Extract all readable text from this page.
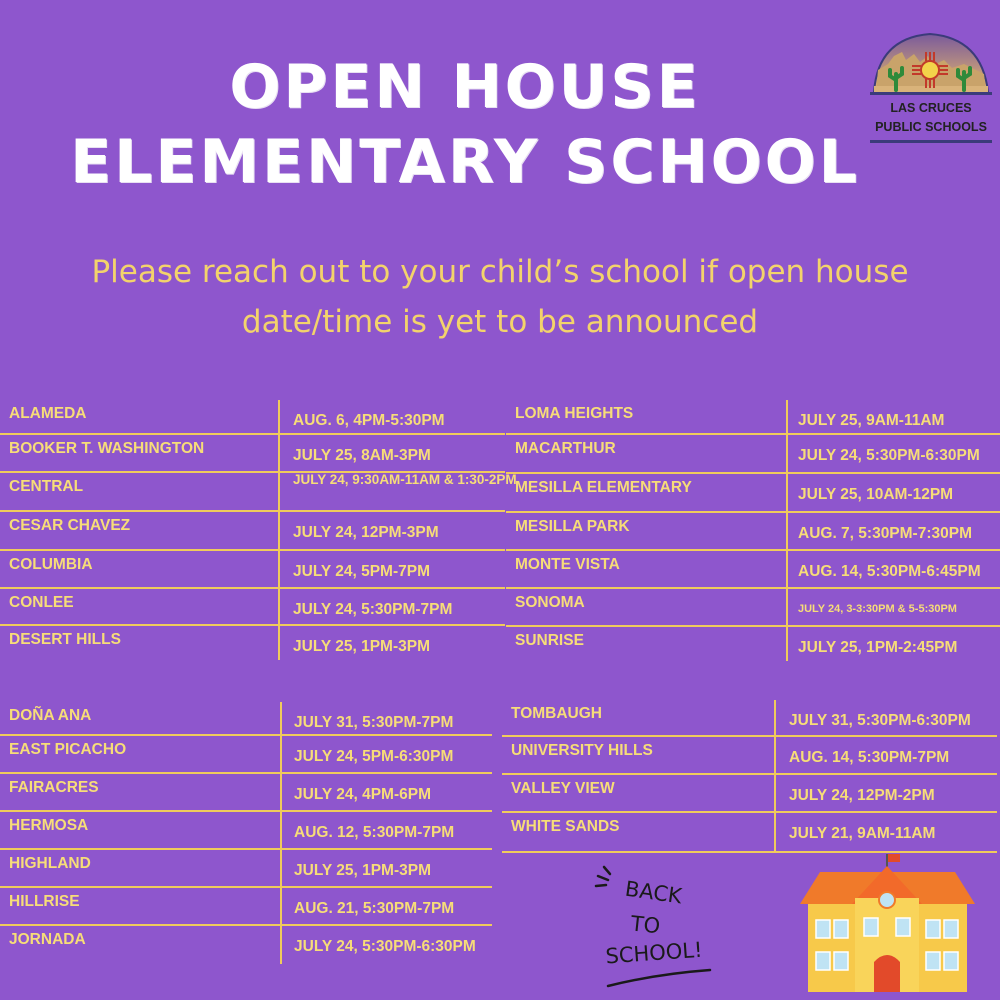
OPEN HOUSE
ELEMENTARY SCHOOL
Please reach out to your child’s school if open house
date/time is yet to be announced
LAS CRUCES
PUBLIC SCHOOLS
ALAMEDA	AUG. 6, 4PM-5:30PM
BOOKER T. WASHINGTON	JULY 25, 8AM-3PM
CENTRAL	JULY 24, 9:30AM-11AM & 1:30-2PM
CESAR CHAVEZ	JULY 24, 12PM-3PM
COLUMBIA	JULY 24, 5PM-7PM
CONLEE	JULY 24, 5:30PM-7PM
DESERT HILLS	JULY 25, 1PM-3PM
LOMA HEIGHTS	JULY 25, 9AM-11AM
MACARTHUR	JULY 24, 5:30PM-6:30PM
MESILLA ELEMENTARY	JULY 25, 10AM-12PM
MESILLA PARK	AUG. 7, 5:30PM-7:30PM
MONTE VISTA	AUG. 14, 5:30PM-6:45PM
SONOMA	JULY 24, 3-3:30PM & 5-5:30PM
SUNRISE	JULY 25, 1PM-2:45PM
DOÑA ANA	JULY 31, 5:30PM-7PM
EAST PICACHO	JULY 24, 5PM-6:30PM
FAIRACRES	JULY 24, 4PM-6PM
HERMOSA	AUG. 12, 5:30PM-7PM
HIGHLAND	JULY 25, 1PM-3PM
HILLRISE	AUG. 21, 5:30PM-7PM
JORNADA	JULY 24, 5:30PM-6:30PM
TOMBAUGH	JULY 31, 5:30PM-6:30PM
UNIVERSITY HILLS	AUG. 14, 5:30PM-7PM
VALLEY VIEW	JULY 24, 12PM-2PM
WHITE SANDS	JULY 21, 9AM-11AM
BACK
TO
SCHOOL!
